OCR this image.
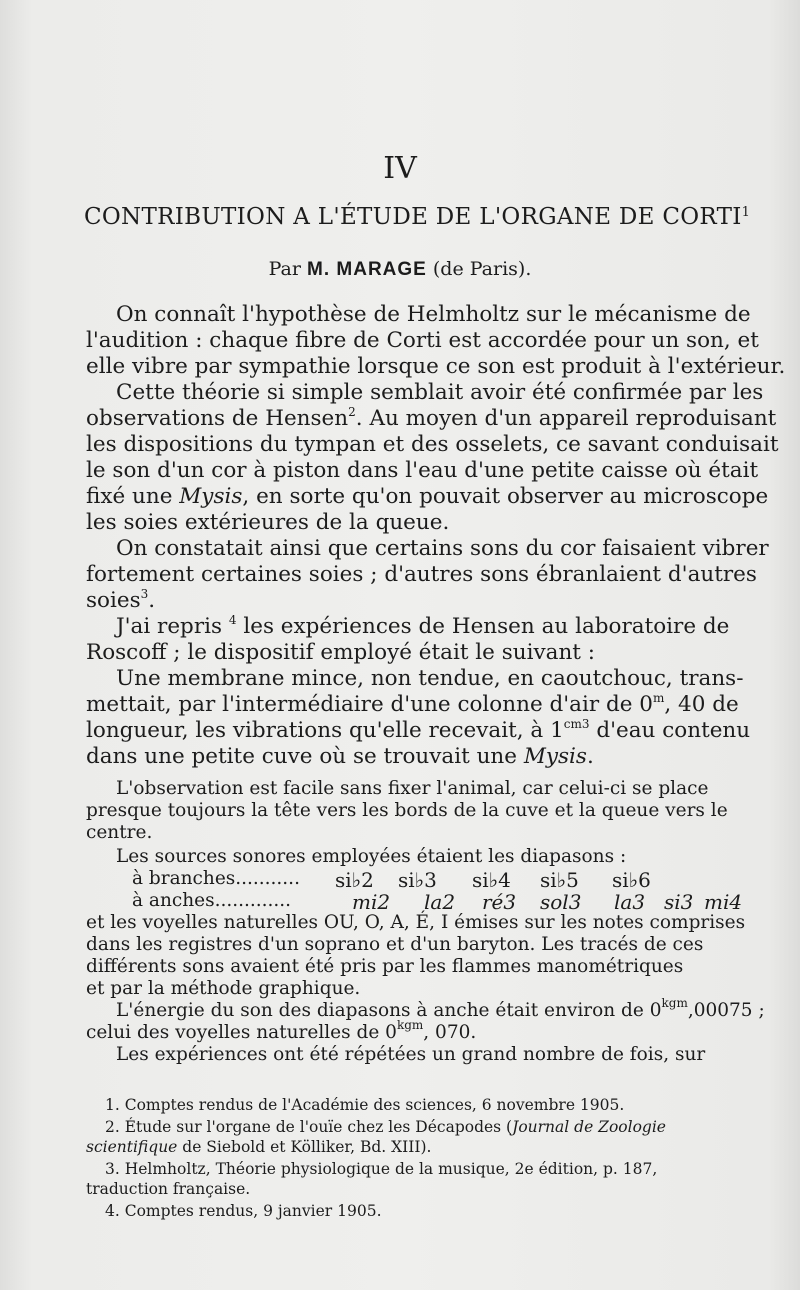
IV
CONTRIBUTION A L'ÉTUDE DE L'ORGANE DE CORTI$^1$
Par M. MARAGE (de Paris).
On connaît l'hypothèse de Helmholtz sur le mécanisme de
l'audition : chaque fibre de Corti est accordée pour un son, et
elle vibre par sympathie lorsque ce son est produit à l'extérieur.
Cette théorie si simple semblait avoir été confirmée par les
observations de Hensen$^2$. Au moyen d'un appareil reproduisant
les dispositions du tympan et des osselets, ce savant conduisait
le son d'un cor à piston dans l'eau d'une petite caisse où était
fixé une Mysis, en sorte qu'on pouvait observer au microscope
les soies extérieures de la queue.
On constatait ainsi que certains sons du cor faisaient vibrer
fortement certaines soies ; d'autres sons ébranlaient d'autres
soies$^3$.
J'ai repris $^4$ les expériences de Hensen au laboratoire de
Roscoff ; le dispositif employé était le suivant :
Une membrane mince, non tendue, en caoutchouc, trans-
mettait, par l'intermédiaire d'une colonne d'air de 0$^m$, 40 de
longueur, les vibrations qu'elle recevait, à $1^{cm3}$ d'eau contenu
dans une petite cuve où se trouvait une Mysis.
L'observation est facile sans fixer l'animal, car celui-ci se place
presque toujours la tête vers les bords de la cuve et la queue vers le
centre.
Les sources sonores employées étaient les diapasons :
à branches...........	si♭2 si♭3 si♭4 si♭5 si♭6
à anches.............	mi2 la2 ré3 sol3 la3 si3 mi4
et les voyelles naturelles OU, O, A, É, I émises sur les notes comprises
dans les registres d'un soprano et d'un baryton. Les tracés de ces
différents sons avaient été pris par les flammes manométriques
et par la méthode graphique.
L'énergie du son des diapasons à anche était environ de $0^{kgm},00075$ ;
celui des voyelles naturelles de $0^{kgm}$, 070.
Les expériences ont été répétées un grand nombre de fois, sur
1. Comptes rendus de l'Académie des sciences, 6 novembre 1905.
2. Étude sur l'organe de l'ouïe chez les Décapodes (Journal de Zoologie
scientifique de Siebold et Kölliker, Bd. XIII).
3. Helmholtz, Théorie physiologique de la musique, 2e édition, p. 187,
traduction française.
4. Comptes rendus, 9 janvier 1905.
